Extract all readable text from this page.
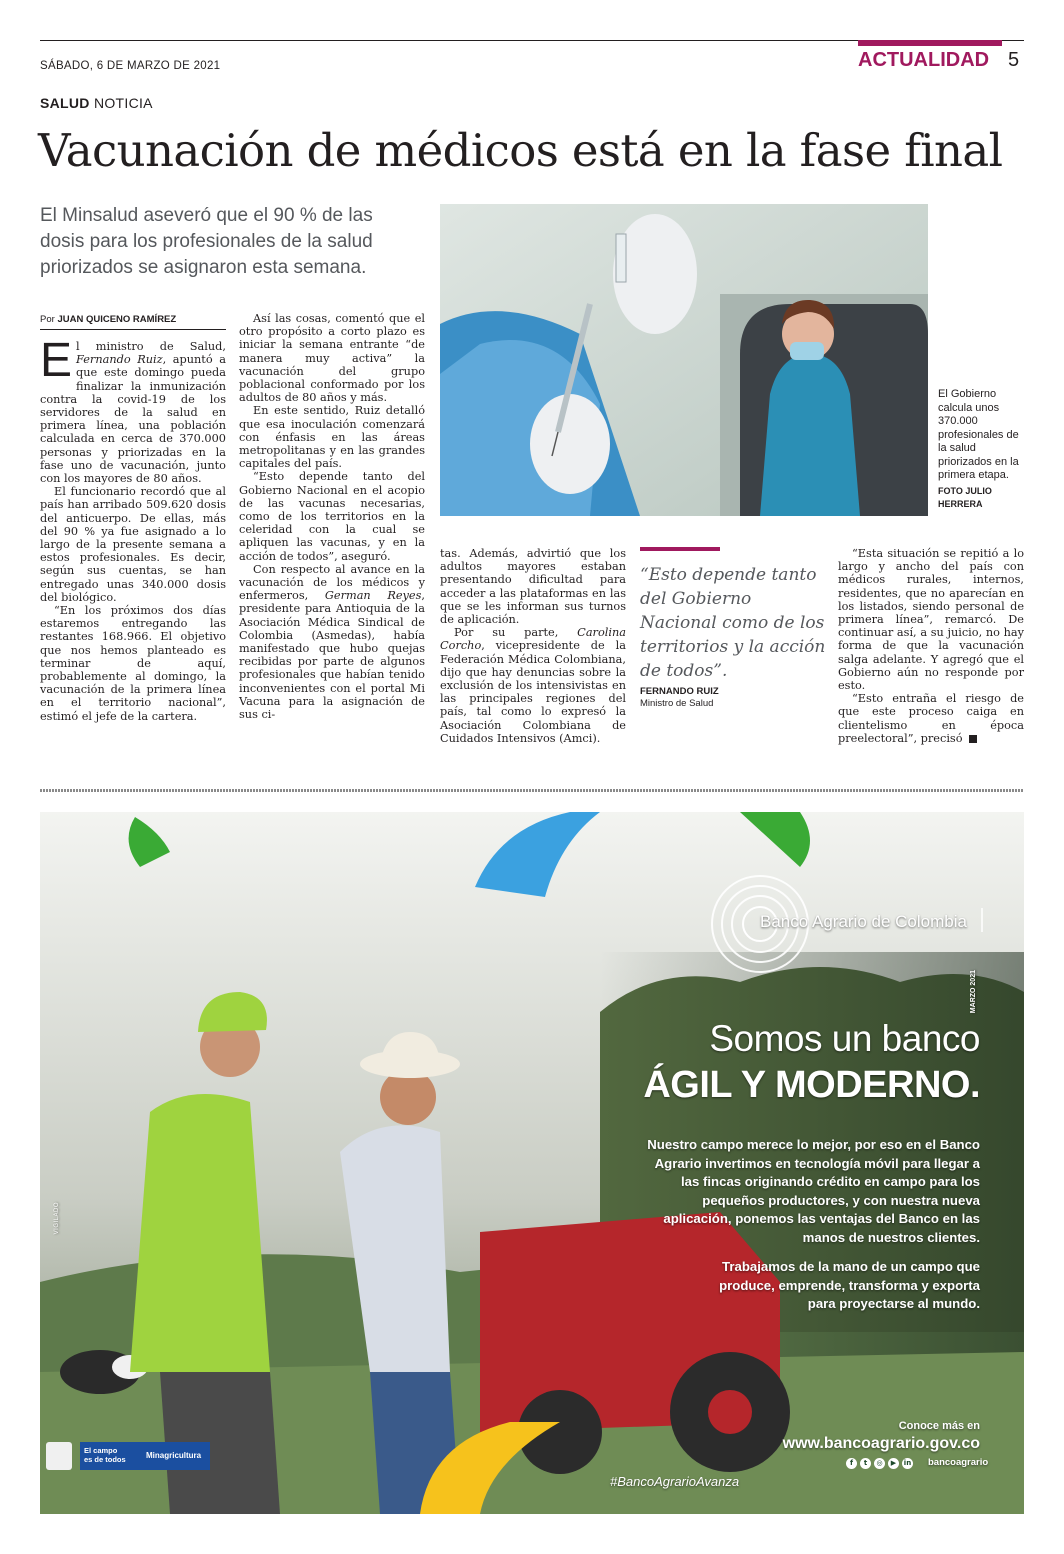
SÁBADO, 6 DE MARZO DE 2021	ACTUALIDAD 5
SALUD NOTICIA
Vacunación de médicos está en la fase final
El Minsalud aseveró que el 90 % de las dosis para los profesionales de la salud priorizados se asignaron esta semana.
Por JUAN QUICENO RAMÍREZ

El ministro de Salud, Fernando Ruiz, apuntó a que este domingo pueda finalizar la inmunización contra la covid-19 de los servidores de la salud en primera línea, una población calculada en cerca de 370.000 personas y priorizadas en la fase uno de vacunación, junto con los mayores de 80 años.

El funcionario recordó que al país han arribado 509.620 dosis del anticuerpo. De ellas, más del 90 % ya fue asignado a lo largo de la presente semana a estos profesionales. Es decir, según sus cuentas, se han entregado unas 340.000 dosis del biológico.

“En los próximos dos días estaremos entregando las restantes 168.966. El objetivo que nos hemos planteado es terminar de aquí, probablemente al domingo, la vacunación de la primera línea en el territorio nacional”, estimó el jefe de la cartera.

Así las cosas, comentó que el otro propósito a corto plazo es iniciar la semana entrante “de manera muy activa” la vacunación del grupo poblacional conformado por los adultos de 80 años y más.

En este sentido, Ruiz detalló que esa inoculación comenzará con énfasis en las áreas metropolitanas y en las grandes capitales del país.

“Esto depende tanto del Gobierno Nacional en el acopio de las vacunas necesarias, como de los territorios en la celeridad con la cual se apliquen las vacunas, y en la acción de todos”, aseguró.

Con respecto al avance en la vacunación de los médicos y enfermeros, German Reyes, presidente para Antioquia de la Asociación Médica Sindical de Colombia (Asmedas), había manifestado que hubo quejas recibidas por parte de algunos profesionales que habían tenido inconvenientes con el portal Mi Vacuna para la asignación de sus ci-

tas. Además, advirtió que los adultos mayores estaban presentando dificultad para acceder a las plataformas en las que se les informan sus turnos de aplicación.

Por su parte, Carolina Corcho, vicepresidente de la Federación Médica Colombiana, dijo que hay denuncias sobre la exclusión de los intensivistas en las principales regiones del país, tal como lo expresó la Asociación Colombiana de Cuidados Intensivos (Amci).

“Esto depende tanto del Gobierno Nacional como de los territorios y la acción de todos”.
FERNANDO RUIZ
Ministro de Salud

“Esta situación se repitió a lo largo y ancho del país con médicos rurales, internos, residentes, que no aparecían en los listados, siendo personal de primera línea”, remarcó. De continuar así, a su juicio, no hay forma de que la vacunación salga adelante. Y agregó que el Gobierno aún no responde por esto.

“Esto entraña el riesgo de que este proceso caiga en clientelismo en época preelectoral”, precisó

El Gobierno calcula unos 370.000 profesionales de la salud priorizados en la primera etapa.
FOTO JULIO HERRERA
Banco Agrario de Colombia
MARZO 2021
Somos un banco
ÁGIL Y MODERNO.
Nuestro campo merece lo mejor, por eso en el Banco Agrario invertimos en tecnología móvil para llegar a las fincas originando crédito en campo para los pequeños productores, y con nuestra nueva aplicación, ponemos las ventajas del Banco en las manos de nuestros clientes.
Trabajamos de la mano de un campo que produce, emprende, transforma y exporta para proyectarse al mundo.
Conoce más en
www.bancoagrario.gov.co
#BancoAgrarioAvanza
f	t	◎	▶	in bancoagrario
VIGILADO
El campo
es de todos	Minagricultura
